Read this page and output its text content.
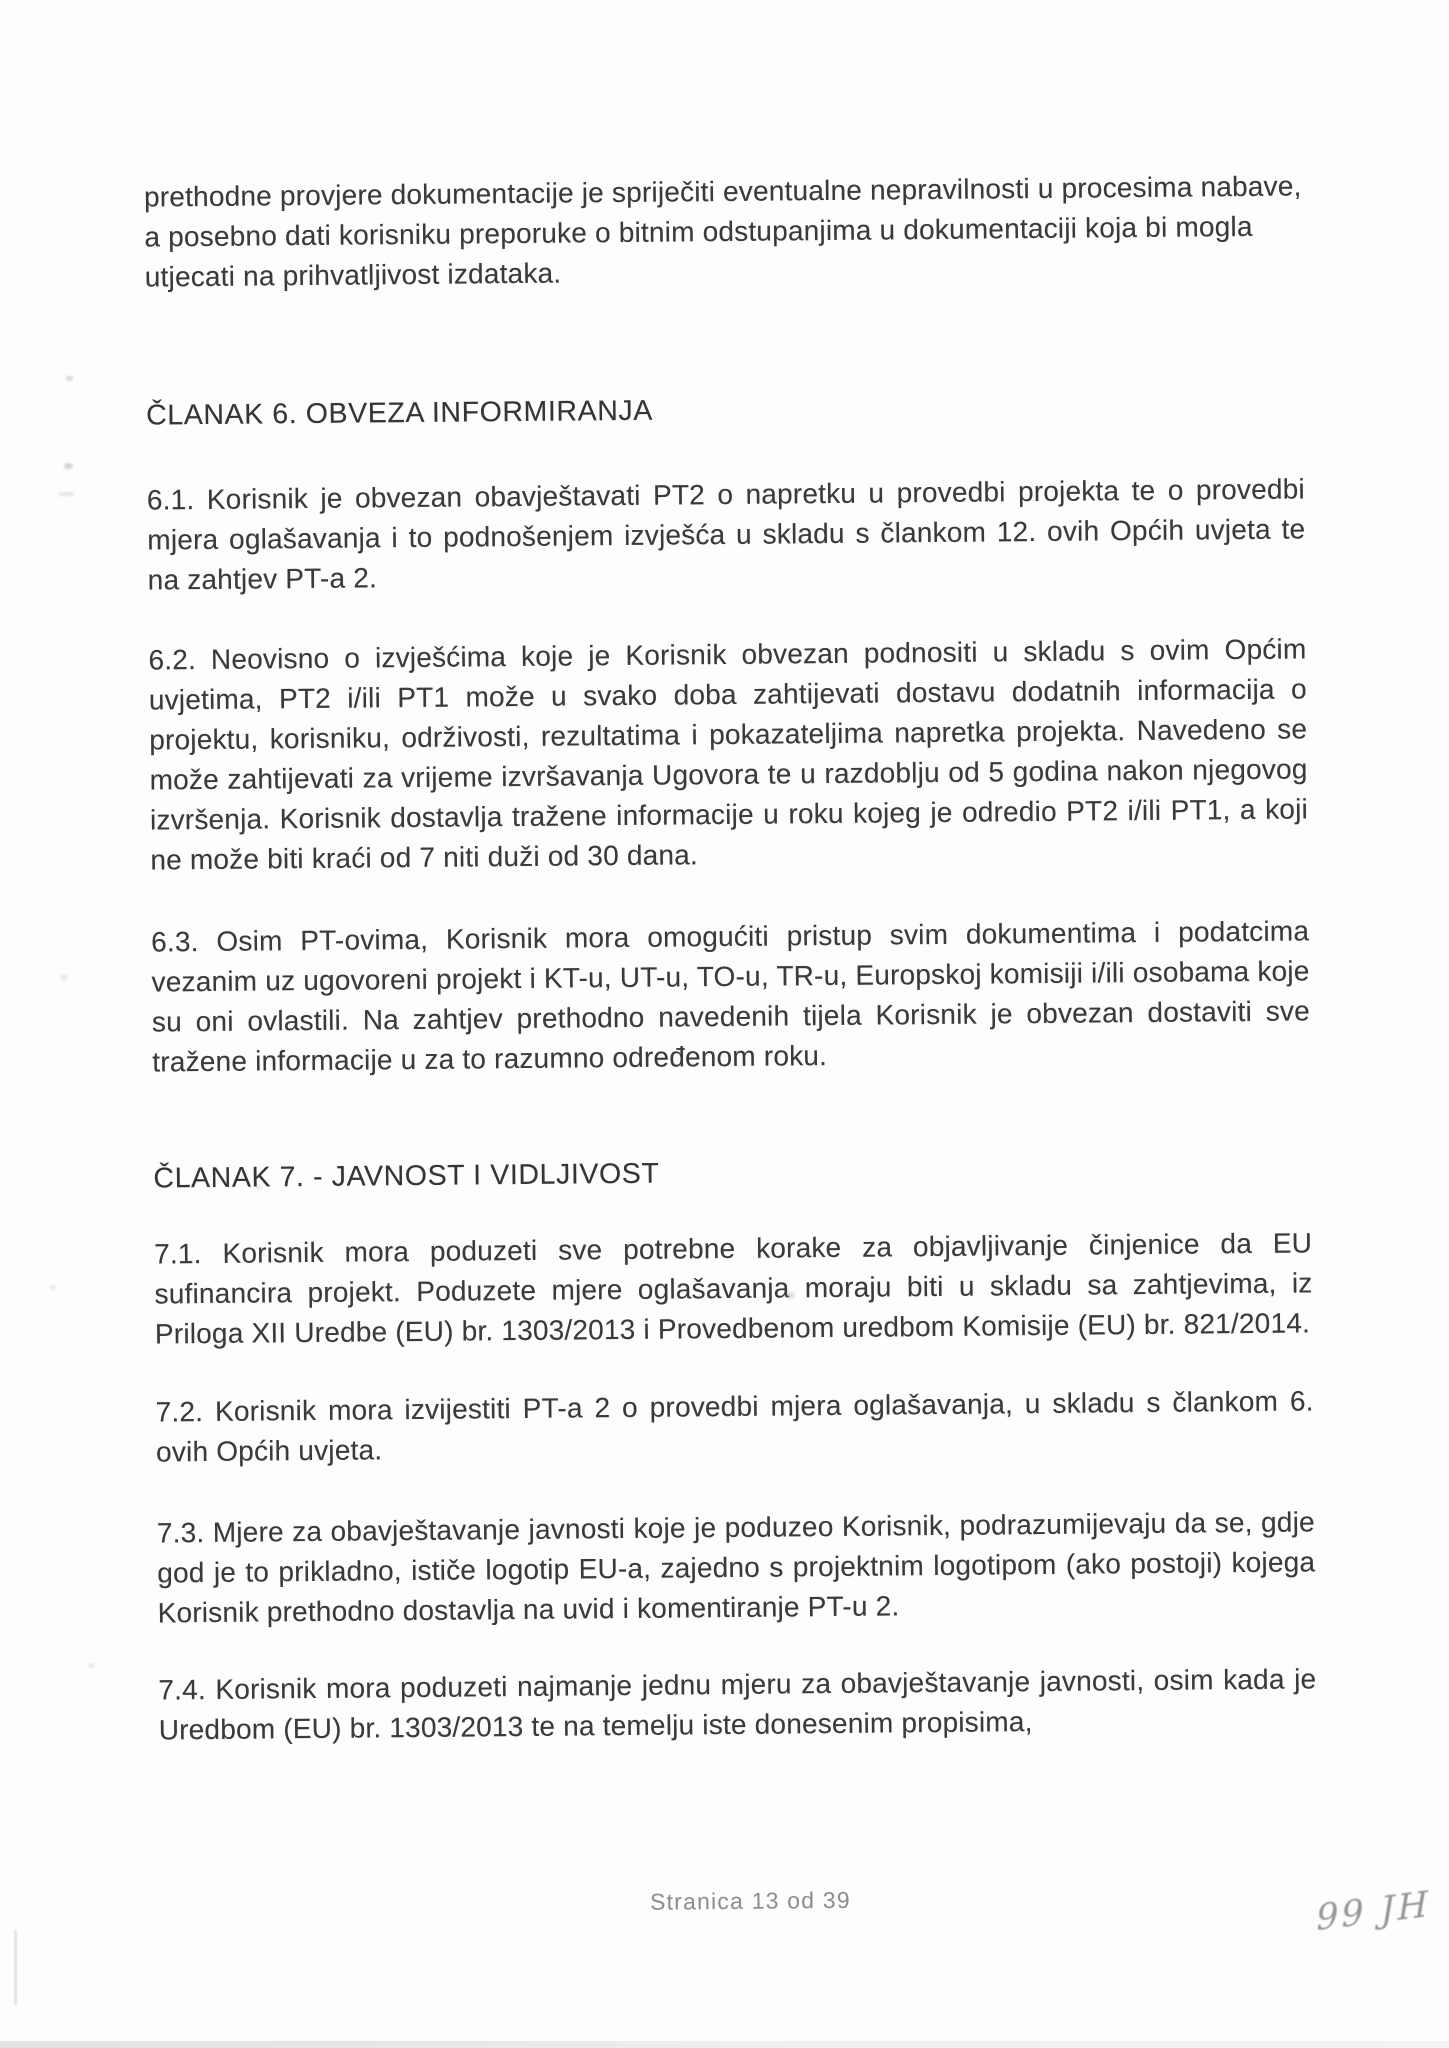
prethodne provjere dokumentacije je spriječiti eventualne nepravilnosti u procesima nabave, a posebno dati korisniku preporuke o bitnim odstupanjima u dokumentaciji koja bi mogla utjecati na prihvatljivost izdataka.

ČLANAK 6. OBVEZA INFORMIRANJA

6.1. Korisnik je obvezan obavještavati PT2 o napretku u provedbi projekta te o provedbi mjera oglašavanja i to podnošenjem izvješća u skladu s člankom 12. ovih Općih uvjeta te na zahtjev PT-a 2.

6.2. Neovisno o izvješćima koje je Korisnik obvezan podnositi u skladu s ovim Općim uvjetima, PT2 i/ili PT1 može u svako doba zahtijevati dostavu dodatnih informacija o projektu, korisniku, održivosti, rezultatima i pokazateljima napretka projekta. Navedeno se može zahtijevati za vrijeme izvršavanja Ugovora te u razdoblju od 5 godina nakon njegovog izvršenja. Korisnik dostavlja tražene informacije u roku kojeg je odredio PT2 i/ili PT1, a koji ne može biti kraći od 7 niti duži od 30 dana.

6.3. Osim PT-ovima, Korisnik mora omogućiti pristup svim dokumentima i podatcima vezanim uz ugovoreni projekt i KT-u, UT-u, TO-u, TR-u, Europskoj komisiji i/ili osobama koje su oni ovlastili. Na zahtjev prethodno navedenih tijela Korisnik je obvezan dostaviti sve tražene informacije u za to razumno određenom roku.

ČLANAK 7. - JAVNOST I VIDLJIVOST

7.1. Korisnik mora poduzeti sve potrebne korake za objavljivanje činjenice da EU sufinancira projekt. Poduzete mjere oglašavanja moraju biti u skladu sa zahtjevima, iz Priloga XII Uredbe (EU) br. 1303/2013 i Provedbenom uredbom Komisije (EU) br. 821/2014.

7.2. Korisnik mora izvijestiti PT-a 2 o provedbi mjera oglašavanja, u skladu s člankom 6. ovih Općih uvjeta.

7.3. Mjere za obavještavanje javnosti koje je poduzeo Korisnik, podrazumijevaju da se, gdje god je to prikladno, ističe logotip EU-a, zajedno s projektnim logotipom (ako postoji) kojega Korisnik prethodno dostavlja na uvid i komentiranje PT-u 2.

7.4. Korisnik mora poduzeti najmanje jednu mjeru za obavještavanje javnosti, osim kada je Uredbom (EU) br. 1303/2013 te na temelju iste donesenim propisima,

Stranica 13 od 39	99 JH
